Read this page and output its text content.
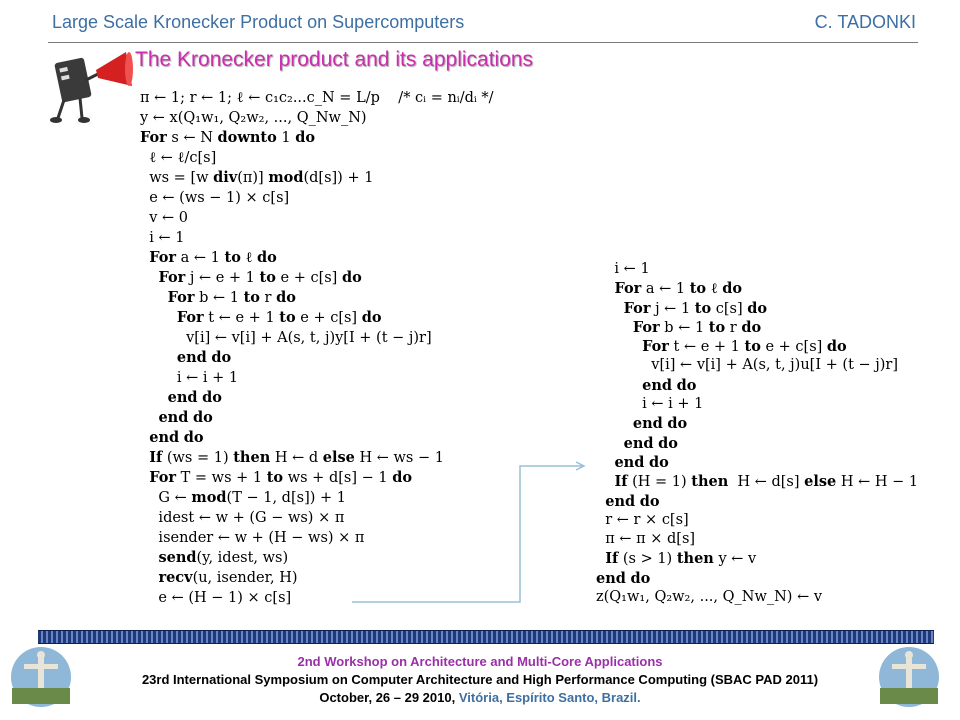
Large Scale Kronecker Product on Supercomputers	C. TADONKI
The Kronecker product and its applications
π ← 1; r ← 1; ℓ ← c₁c₂...c_N = L/p    /* cᵢ = nᵢ/dᵢ */
y ← x(Q₁w₁, Q₂w₂, ..., Q_Nw_N)
For s ← N downto 1 do
ℓ ← ℓ/c[s]
ws = [w div(π)] mod(d[s]) + 1
e ← (ws − 1) × c[s]
v ← 0
i ← 1
For a ← 1 to ℓ do
For j ← e + 1 to e + c[s] do
For b ← 1 to r do
For t ← e + 1 to e + c[s] do
v[i] ← v[i] + A(s, t, j)y[I + (t − j)r]
end do
i ← i + 1
end do
end do
end do
If (ws = 1) then H ← d else H ← ws − 1
For T = ws + 1 to ws + d[s] − 1 do
G ← mod(T − 1, d[s]) + 1
idest ← w + (G − ws) × π
isender ← w + (H − ws) × π
send(y, idest, ws)
recv(u, isender, H)
e ← (H − 1) × c[s]
i ← 1
For a ← 1 to ℓ do
For j ← 1 to c[s] do
For b ← 1 to r do
For t ← e + 1 to e + c[s] do
v[i] ← v[i] + A(s, t, j)u[I + (t − j)r]
end do
i ← i + 1
end do
end do
end do
If (H = 1) then  H ← d[s] else H ← H − 1
end do
r ← r × c[s]
π ← π × d[s]
If (s > 1) then y ← v
end do
z(Q₁w₁, Q₂w₂, ..., Q_Nw_N) ← v
2nd Workshop on Architecture and Multi-Core Applications
23rd International Symposium on Computer Architecture and High Performance Computing (SBAC PAD 2011)
October, 26 – 29 2010, Vitória, Espírito Santo, Brazil.
